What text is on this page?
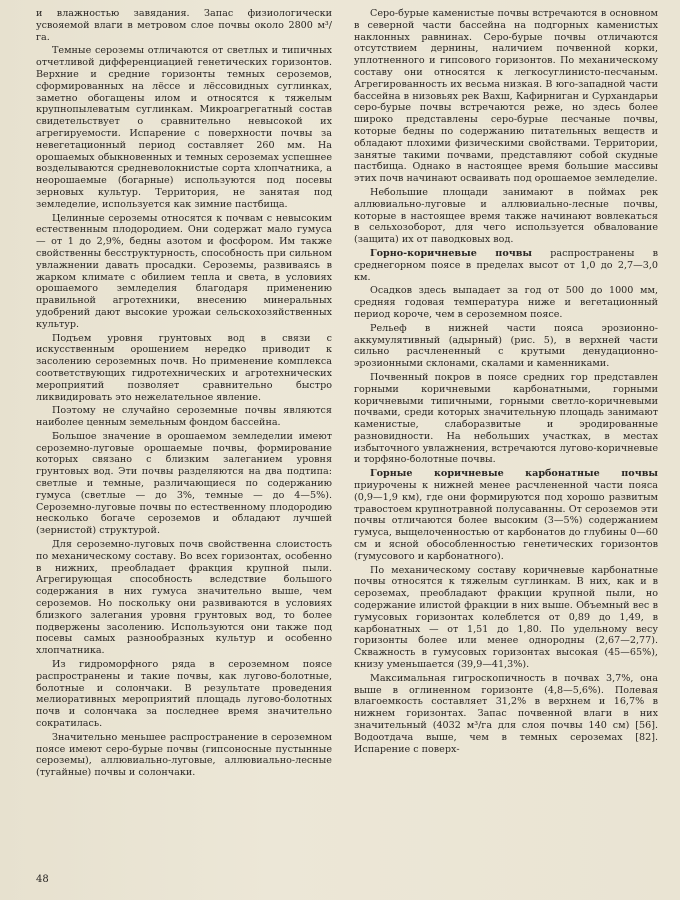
и влажностью завядания. Запас физиологически усвояемой влаги в метровом слое почвы около 2800 м³/га.

Темные сероземы отличаются от светлых и типичных отчетливой дифференциацией генетических горизонтов. Верхние и средние горизонты темных сероземов, сформированных на лёссе и лёссовидных суглинках, заметно обогащены илом и относятся к тяжелым крупнопылеватым суглинкам. Микроагрегатный состав свидетельствует о сравнительно невысокой их агрегируемости. Испарение с поверхности почвы за невегетационный период составляет 260 мм. На орошаемых обыкновенных и темных сероземах успешнее возделываются средневолокнистые сорта хлопчатника, а неорошаемые (богарные) используются под посевы зерновых культур. Территория, не занятая под земледелие, используется как зимние пастбища.

Целинные сероземы относятся к почвам с невысоким естественным плодородием. Они содержат мало гумуса — от 1 до 2,9%, бедны азотом и фосфором. Им также свойственны бесструктурность, способность при сильном увлажнении давать просадки. Сероземы, развиваясь в жарком климате с обилием тепла и света, в условиях орошаемого земледелия благодаря применению правильной агротехники, внесению минеральных удобрений дают высокие урожаи сельскохозяйственных культур.

Подъем уровня грунтовых вод в связи с искусственным орошением нередко приводит к засолению сероземных почв. Но применение комплекса соответствующих гидротехнических и агротехнических мероприятий позволяет сравнительно быстро ликвидировать это нежелательное явление.

Поэтому не случайно сероземные почвы являются наиболее ценным земельным фондом бассейна.

Большое значение в орошаемом земледелии имеют сероземно-луговые орошаемые почвы, формирование которых связано с близким залеганием уровня грунтовых вод. Эти почвы разделяются на два подтипа: светлые и темные, различающиеся по содержанию гумуса (светлые — до 3%, темные — до 4—5%). Сероземно-луговые почвы по естественному плодородию несколько богаче сероземов и обладают лучшей (зернистой) структурой.

Для сероземно-луговых почв свойственна слоистость по механическому составу. Во всех горизонтах, особенно в нижних, преобладает фракция крупной пыли. Агрегирующая способность вследствие большого содержания в них гумуса значительно выше, чем сероземов. Но поскольку они развиваются в условиях близкого залегания уровня грунтовых вод, то более подвержены засолению. Используются они также под посевы самых разнообразных культур и особенно хлопчатника.

Из гидроморфного ряда в сероземном поясе распространены и такие почвы, как лугово-болотные, болотные и солончаки. В результате проведения мелиоративных мероприятий площадь лугово-болотных почв и солончака за последнее время значительно сократилась.

Значительно меньшее распространение в сероземном поясе имеют серо-бурые почвы (гипсоносные пустынные сероземы), аллювиально-луговые, аллювиально-лесные (тугайные) почвы и солончаки.

Серо-бурые каменистые почвы встречаются в основном в северной части бассейна на подгорных каменистых наклонных равнинах. Серо-бурые почвы отличаются отсутствием дернины, наличием почвенной корки, уплотненного и гипсового горизонтов. По механическому составу они относятся к легкосуглинисто-песчаным. Агрегированность их весьма низкая. В юго-западной части бассейна в низовьях рек Вахш, Кафирниган и Сурхандарьи серо-бурые почвы встречаются реже, но здесь более широко представлены серо-бурые песчаные почвы, которые бедны по содержанию питательных веществ и обладают плохими физическими свойствами. Территории, занятые такими почвами, представляют собой скудные пастбища. Однако в настоящее время большие массивы этих почв начинают осваивать под орошаемое земледелие.

Небольшие площади занимают в поймах рек аллювиально-луговые и аллювиально-лесные почвы, которые в настоящее время также начинают вовлекаться в сельхозоборот, для чего используется обвалование (защита) их от паводковых вод.

Горно-коричневые почвы распространены в среднегорном поясе в пределах высот от 1,0 до 2,7—3,0 км.

Осадков здесь выпадает за год от 500 до 1000 мм, средняя годовая температура ниже и вегетационный период короче, чем в сероземном поясе.

Рельеф в нижней части пояса эрозионно-аккумулятивный (адырный) (рис. 5), в верхней части сильно расчлененный с крутыми денудационно-эрозионными склонами, скалами и каменниками.

Почвенный покров в поясе средних гор представлен горными коричневыми карбонатными, горными коричневыми типичными, горными светло-коричневыми почвами, среди которых значительную площадь занимают каменистые, слаборазвитые и эродированные разновидности. На небольших участках, в местах избыточного увлажнения, встречаются лугово-коричневые и торфяно-болотные почвы.

Горные коричневые карбонатные почвы приурочены к нижней менее расчлененной части пояса (0,9—1,9 км), где они формируются под хорошо развитым травостоем крупнотравной полусаванны. От сероземов эти почвы отличаются более высоким (3—5%) содержанием гумуса, выщелоченностью от карбонатов до глубины 0—60 см и ясной обособленностью генетических горизонтов (гумусового и карбонатного).

По механическому составу коричневые карбонатные почвы относятся к тяжелым суглинкам. В них, как и в сероземах, преобладают фракции крупной пыли, но содержание илистой фракции в них выше. Объемный вес в гумусовых горизонтах колеблется от 0,89 до 1,49, в карбонатных — от 1,51 до 1,80. По удельному весу горизонты более или менее однородны (2,67—2,77). Скважность в гумусовых горизонтах высокая (45—65%), книзу уменьшается (39,9—41,3%).

Максимальная гигроскопичность в почвах 3,7%, она выше в оглиненном горизонте (4,8—5,6%). Полевая влагоемкость составляет 31,2% в верхнем и 16,7% в нижнем горизонтах. Запас почвенной влаги в них значительный (4032 м³/га для слоя почвы 140 см) [56]. Водоотдача выше, чем в темных сероземах [82]. Испарение с поверх-

48
